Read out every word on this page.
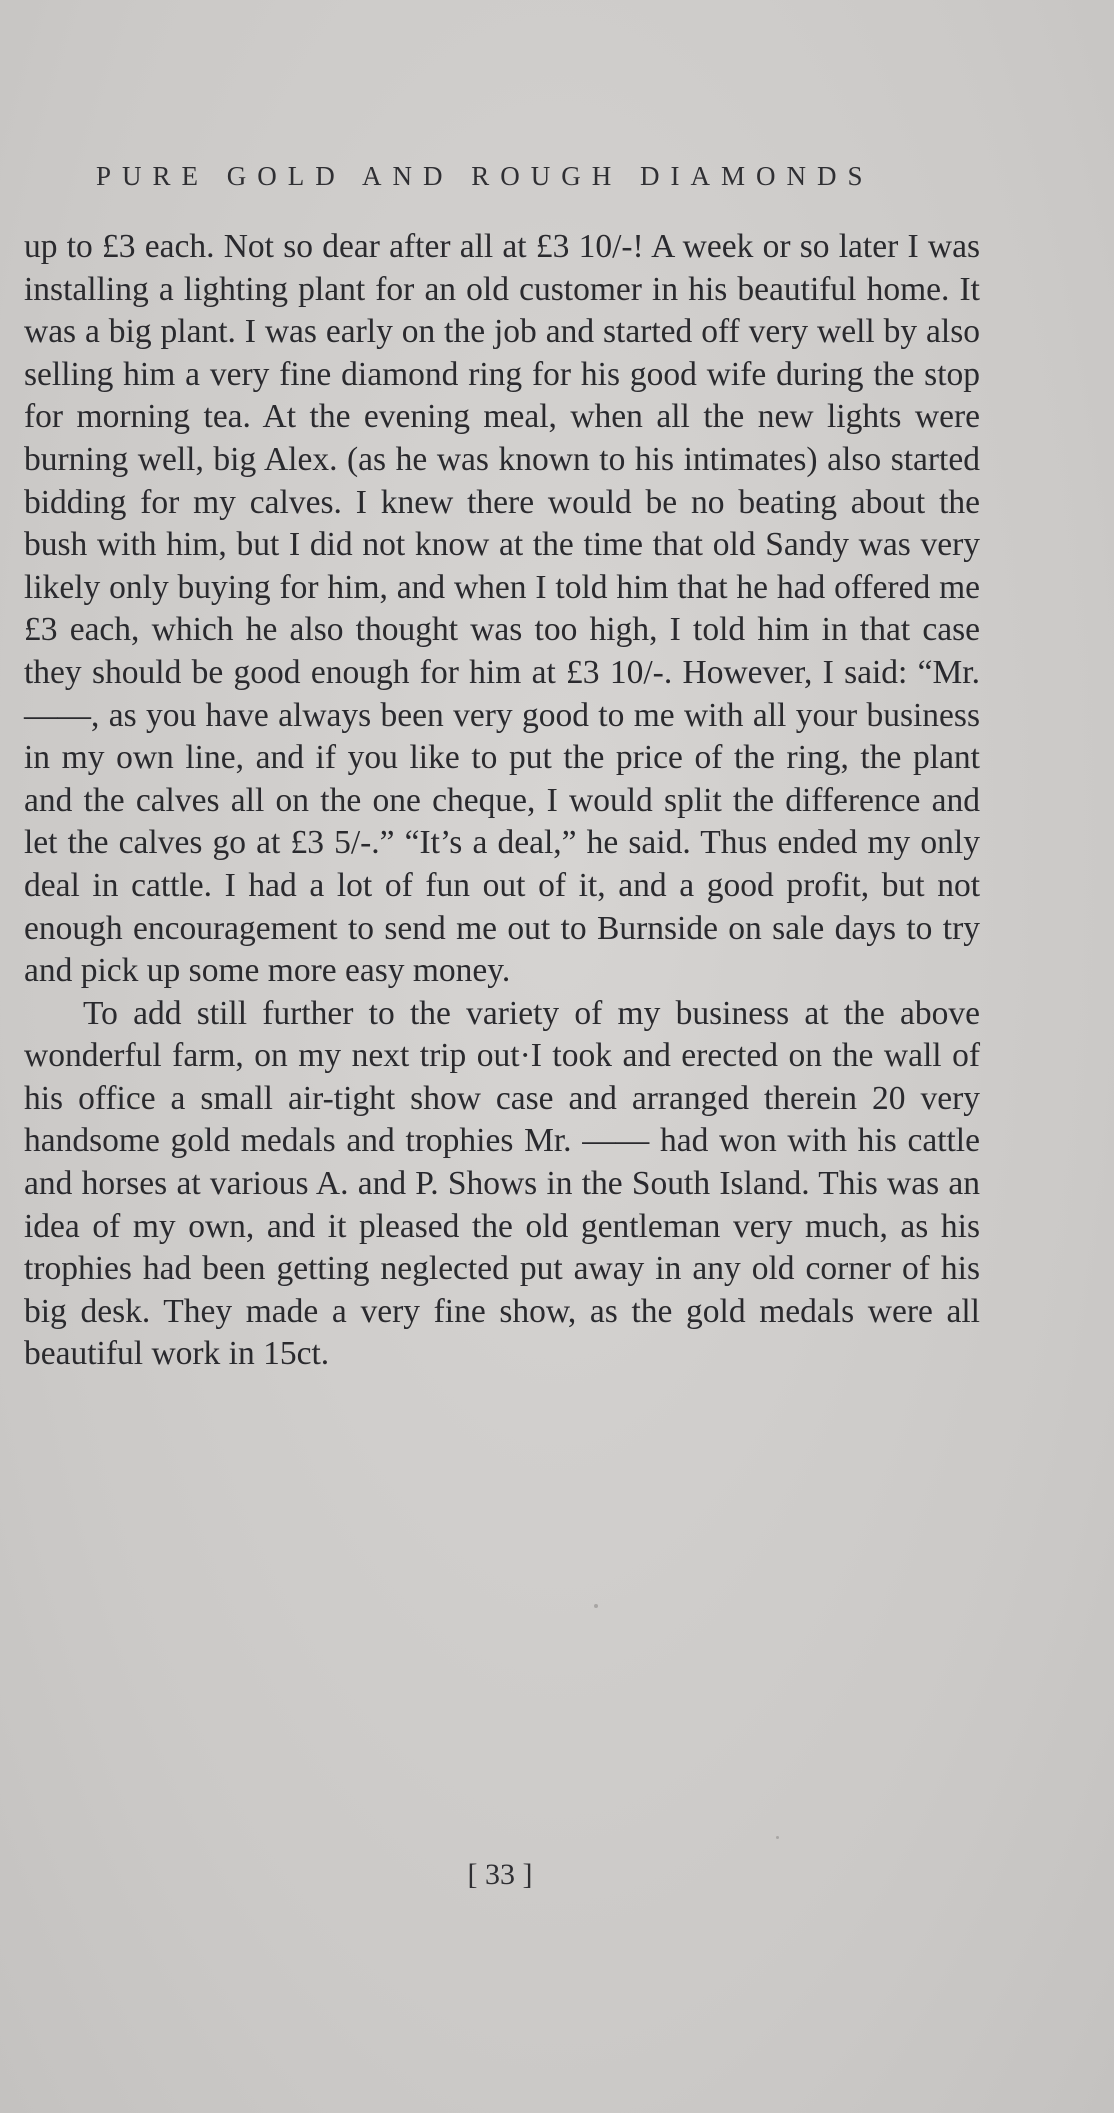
PURE GOLD AND ROUGH DIAMONDS

up to £3 each. Not so dear after all at £3 10/-! A week or so later I was installing a lighting plant for an old customer in his beautiful home. It was a big plant. I was early on the job and started off very well by also selling him a very fine diamond ring for his good wife during the stop for morning tea. At the evening meal, when all the new lights were burning well, big Alex. (as he was known to his intimates) also started bidding for my calves. I knew there would be no beating about the bush with him, but I did not know at the time that old Sandy was very likely only buying for him, and when I told him that he had offered me £3 each, which he also thought was too high, I told him in that case they should be good enough for him at £3 10/-. However, I said: “Mr. ——, as you have always been very good to me with all your business in my own line, and if you like to put the price of the ring, the plant and the calves all on the one cheque, I would split the difference and let the calves go at £3 5/-.” “It’s a deal,” he said. Thus ended my only deal in cattle. I had a lot of fun out of it, and a good profit, but not enough encouragement to send me out to Burnside on sale days to try and pick up some more easy money.

To add still further to the variety of my business at the above wonderful farm, on my next trip out·I took and erected on the wall of his office a small air-tight show case and arranged therein 20 very handsome gold medals and trophies Mr. —— had won with his cattle and horses at various A. and P. Shows in the South Island. This was an idea of my own, and it pleased the old gentleman very much, as his trophies had been getting neglected put away in any old corner of his big desk. They made a very fine show, as the gold medals were all beautiful work in 15ct.

[ 33 ]
